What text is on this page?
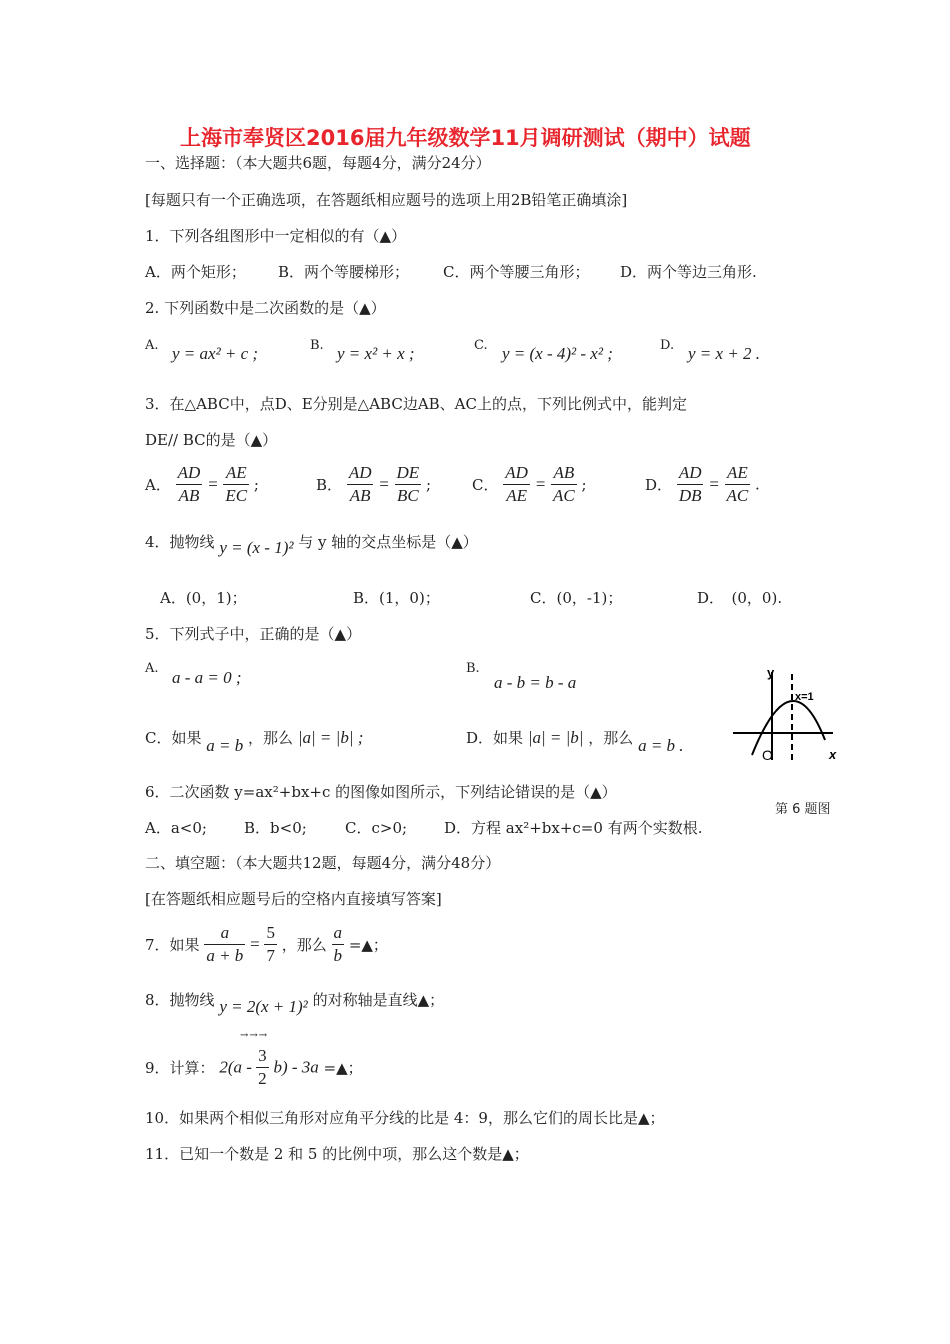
上海市奉贤区2016届九年级数学11月调研测试（期中）试题
一、选择题：（本大题共6题，每题4分，满分24分）
[每题只有一个正确选项，在答题纸相应题号的选项上用2B铅笔正确填涂]
1．下列各组图形中一定相似的有（▲）
A．两个矩形； B．两个等腰梯形； C．两个等腰三角形； D．两个等边三角形.
2. 下列函数中是二次函数的是（▲）
A. y = ax² + c ;	B. y = x² + x ;	C. y = (x - 4)² - x² ;	D. y = x + 2 .
3．在△ABC中，点D、E分别是△ABC边AB、AC上的点，下列比例式中，能判定
DE// BC的是（▲）
A． $\frac{AD}{AB} = \frac{AE}{EC}$ ;	B． $\frac{AD}{AB} = \frac{DE}{BC}$ ;	C． $\frac{AD}{AE} = \frac{AB}{AC}$ ;	D． $\frac{AD}{DB} = \frac{AE}{AC}$ .
4．抛物线 y = (x - 1)² 与 y 轴的交点坐标是（▲）
A．(0，1)；	B．(1，0)；	C．(0，-1)；	D．　(0，0).
5．下列式子中，正确的是（▲）
A. a - a = 0 ;	B.
a - b = b - a
C．如果 a = b ，那么 |a| = |b| ;	D．如果 |a| = |b| ，那么 a = b .
y
x
O
x=1
第 6 题图
6．二次函数 y=ax²+bx+c 的图像如图所示，下列结论错误的是（▲）
A．a<0; B．b<0;	C．c>0; D．方程 ax²+bx+c=0 有两个实数根.
二、填空题：（本大题共12题，每题4分，满分48分）
[在答题纸相应题号后的空格内直接填写答案]
7．如果 $\frac{a}{a + b} = \frac{5}{7}$ ，那么 $\frac{a}{b}$ =▲；
8．抛物线 y = 2(x + 1)² 的对称轴是直线▲；
→→→
9．计算： $2(a - \frac{3}{2} b) - 3a$ =▲；
10．如果两个相似三角形对应角平分线的比是 4：9，那么它们的周长比是▲；
11．已知一个数是 2 和 5 的比例中项，那么这个数是▲；
